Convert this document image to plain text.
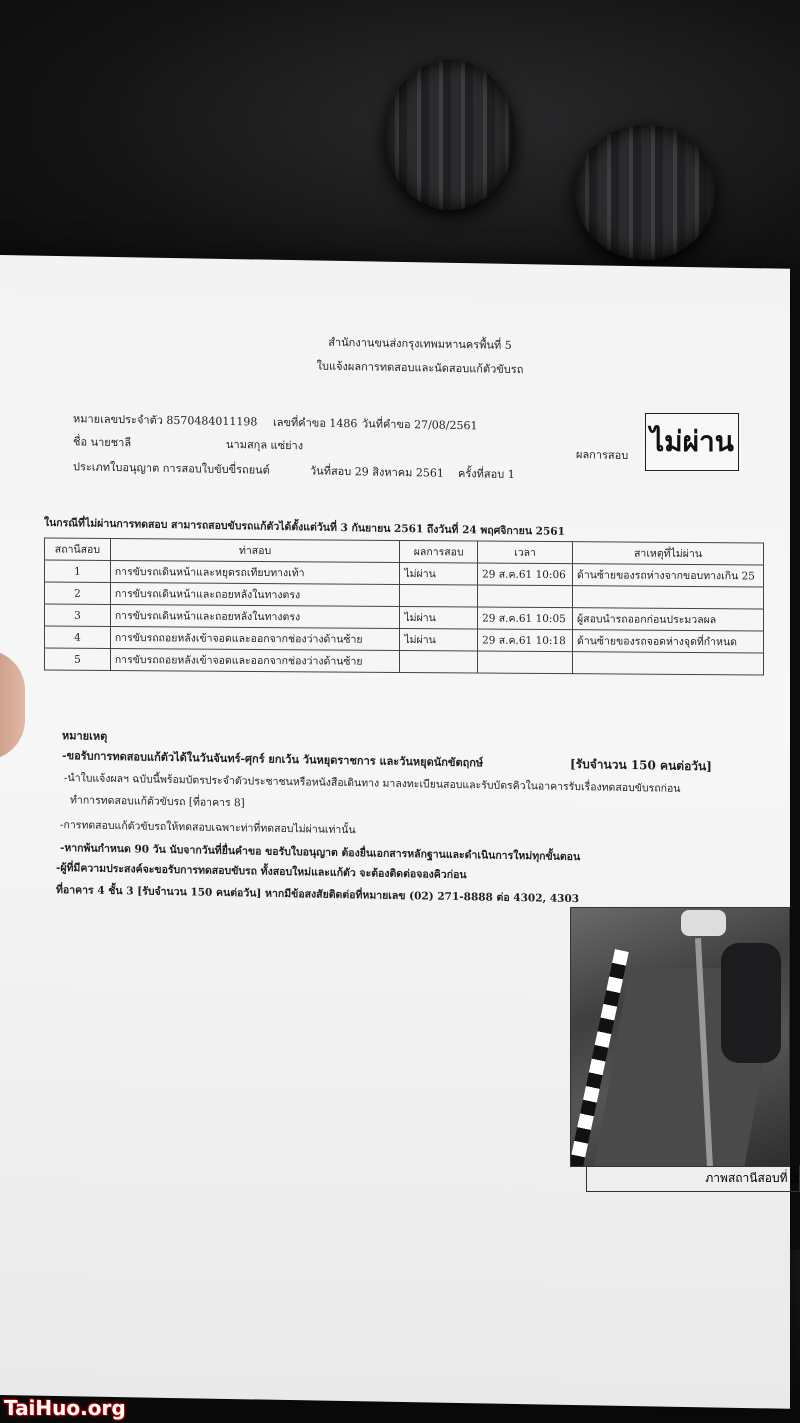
สำนักงานขนส่งกรุงเทพมหานครพื้นที่ 5
ใบแจ้งผลการทดสอบและนัดสอบแก้ตัวขับรถ
หมายเลขประจำตัว 8570484011198 เลขที่คำขอ 1486 วันที่คำขอ 27/08/2561
ชื่อ นายชาลี	นามสกุล แซ่ย่าง
ผลการสอบ
ประเภทใบอนุญาต การสอบใบขับขี่รถยนต์	วันที่สอบ 29 สิงหาคม 2561 ครั้งที่สอบ 1
ในกรณีที่ไม่ผ่านการทดสอบ สามารถสอบขับรถแก้ตัวได้ตั้งแต่วันที่ 3 กันยายน 2561 ถึงวันที่ 24 พฤศจิกายน 2561
หมายเหตุ
-ขอรับการทดสอบแก้ตัวได้ในวันจันทร์-ศุกร์ ยกเว้น วันหยุดราชการ และวันหยุดนักขัตฤกษ์	[รับจำนวน 150 คนต่อวัน]
-นำใบแจ้งผลฯ ฉบับนี้พร้อมบัตรประจำตัวประชาชนหรือหนังสือเดินทาง มาลงทะเบียนสอบและรับบัตรคิวในอาคารรับเรื่องทดสอบขับรถก่อน
ทำการทดสอบแก้ตัวขับรถ [ที่อาคาร 8]
-การทดสอบแก้ตัวขับรถให้ทดสอบเฉพาะท่าที่ทดสอบไม่ผ่านเท่านั้น
-หากพ้นกำหนด 90 วัน นับจากวันที่ยื่นคำขอ ขอรับใบอนุญาต ต้องยื่นเอกสารหลักฐานและดำเนินการใหม่ทุกขั้นตอน
-ผู้ที่มีความประสงค์จะขอรับการทดสอบขับรถ ทั้งสอบใหม่และแก้ตัว จะต้องติดต่อจองคิวก่อน
ที่อาคาร 4 ชั้น 3 [รับจำนวน 150 คนต่อวัน] หากมีข้อสงสัยติดต่อที่หมายเลข (02) 271-8888 ต่อ 4302, 4303
ไม่ผ่าน
สถานีสอบ	ท่าสอบ	ผลการสอบ	เวลา	สาเหตุที่ไม่ผ่าน
1	การขับรถเดินหน้าและหยุดรถเทียบทางเท้า	ไม่ผ่าน	29 ส.ค.61 10:06	ด้านซ้ายของรถห่างจากขอบทางเกิน 25
2	การขับรถเดินหน้าและถอยหลังในทางตรง			
3	การขับรถเดินหน้าและถอยหลังในทางตรง	ไม่ผ่าน	29 ส.ค.61 10:05	ผู้สอบนำรถออกก่อนประมวลผล
4	การขับรถถอยหลังเข้าจอดและออกจากช่องว่างด้านซ้าย	ไม่ผ่าน	29 ส.ค.61 10:18	ด้านซ้ายของรถจอดห่างจุดที่กำหนด
5	การขับรถถอยหลังเข้าจอดและออกจากช่องว่างด้านซ้าย			
ภาพสถานีสอบที่ 3
TaiHuo.org
